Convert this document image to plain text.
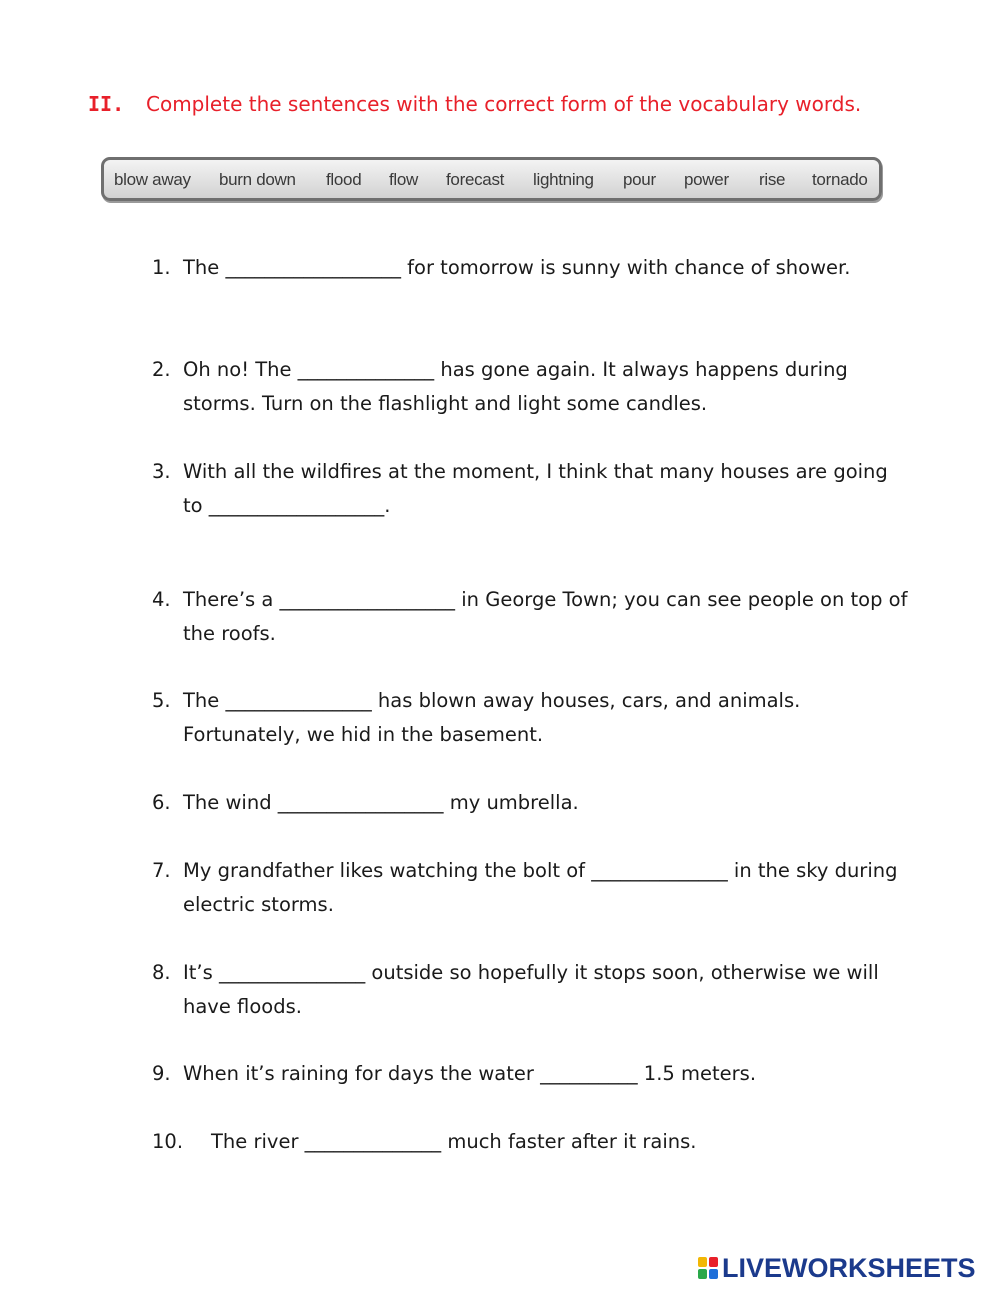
II. Complete the sentences with the correct form of the vocabulary words.
blow away burn down flood flow forecast lightning pour power rise tornado
1. The __________________ for tomorrow is sunny with chance of shower.
2. Oh no! The ______________ has gone again. It always happens during storms. Turn on the flashlight and light some candles.
3. With all the wildfires at the moment, I think that many houses are going to __________________.
4. There’s a __________________ in George Town; you can see people on top of the roofs.
5. The _______________ has blown away houses, cars, and animals. Fortunately, we hid in the basement.
6. The wind _________________ my umbrella.
7. My grandfather likes watching the bolt of ______________ in the sky during electric storms.
8. It’s _______________ outside so hopefully it stops soon, otherwise we will have floods.
9. When it’s raining for days the water __________ 1.5 meters.
10. The river ______________ much faster after it rains.
LIVEWORKSHEETS
